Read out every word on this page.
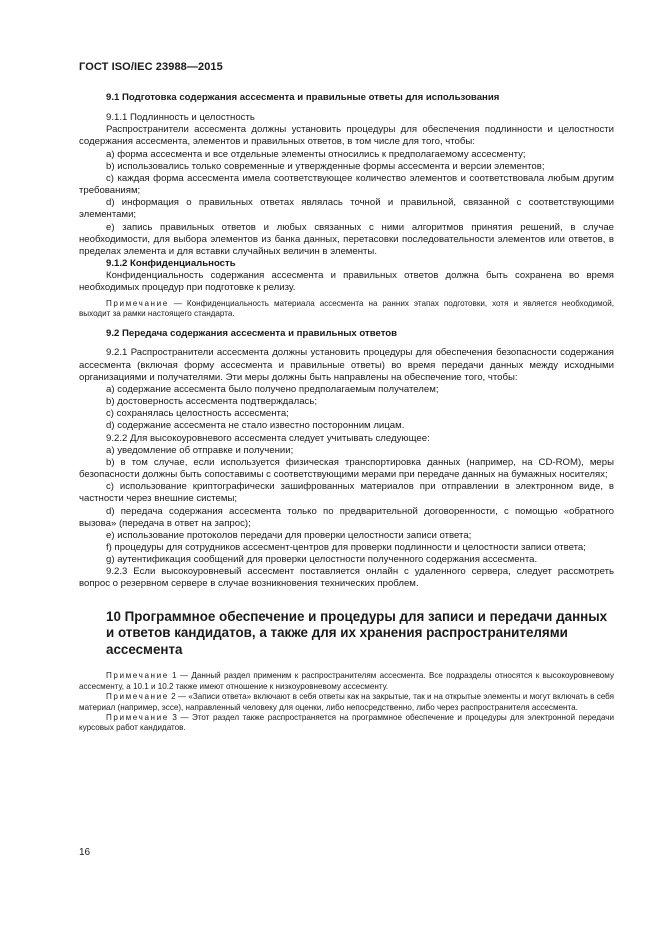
ГОСТ ISO/IEC 23988—2015

9.1 Подготовка содержания ассесмента и правильные ответы для использования

9.1.1 Подлинность и целостность

Распространители ассесмента должны установить процедуры для обеспечения подлинности и целостности содержания ассесмента, элементов и правильных ответов, в том числе для того, чтобы:

а) форма ассесмента и все отдельные элементы относились к предполагаемому ассесменту;

b) использовались только современные и утвержденные формы ассесмента и версии элементов;

с) каждая форма ассесмента имела соответствующее количество элементов и соответствовала любым другим требованиям;

d) информация о правильных ответах являлась точной и правильной, связанной с соответствующими элементами;

е) запись правильных ответов и любых связанных с ними алгоритмов принятия решений, в случае необходимости, для выбора элементов из банка данных, перетасовки последовательности элементов или ответов, в пределах элемента и для вставки случайных величин в элементы.

9.1.2 Конфиденциальность

Конфиденциальность содержания ассесмента и правильных ответов должна быть сохранена во время необходимых процедур при подготовке к релизу.

Примечание — Конфиденциальность материала ассесмента на ранних этапах подготовки, хотя и является необходимой, выходит за рамки настоящего стандарта.

9.2 Передача содержания ассесмента и правильных ответов

9.2.1 Распространители ассесмента должны установить процедуры для обеспечения безопасности содержания ассесмента (включая форму ассесмента и правильные ответы) во время передачи данных между исходными организациями и получателями. Эти меры должны быть направлены на обеспечение того, чтобы:

а) содержание ассесмента было получено предполагаемым получателем;

b) достоверность ассесмента подтверждалась;

с) сохранялась целостность ассесмента;

d) содержание ассесмента не стало известно посторонним лицам.

9.2.2 Для высокоуровневого ассесмента следует учитывать следующее:

а) уведомление об отправке и получении;

b) в том случае, если используется физическая транспортировка данных (например, на CD-ROM), меры безопасности должны быть сопоставимы с соответствующими мерами при передаче данных на бумажных носителях;

с) использование криптографически зашифрованных материалов при отправлении в электронном виде, в частности через внешние системы;

d) передача содержания ассесмента только по предварительной договоренности, с помощью «обратного вызова» (передача в ответ на запрос);

е) использование протоколов передачи для проверки целостности записи ответа;

f) процедуры для сотрудников ассесмент-центров для проверки подлинности и целостности записи ответа;

g) аутентификация сообщений для проверки целостности полученного содержания ассесмента.

9.2.3 Если высокоуровневый ассесмент поставляется онлайн с удаленного сервера, следует рассмотреть вопрос о резервном сервере в случае возникновения технических проблем.

10 Программное обеспечение и процедуры для записи и передачи данных и ответов кандидатов, а также для их хранения распространителями ассесмента

Примечание 1 — Данный раздел применим к распространителям ассесмента. Все подразделы относятся к высокоуровневому ассесменту, а 10.1 и 10.2 также имеют отношение к низкоуровневому ассесменту.

Примечание 2 — «Записи ответа» включают в себя ответы как на закрытые, так и на открытые элементы и могут включать в себя материал (например, эссе), направленный человеку для оценки, либо непосредственно, либо через распространителя ассесмента.

Примечание 3 — Этот раздел также распространяется на программное обеспечение и процедуры для электронной передачи курсовых работ кандидатов.

16
